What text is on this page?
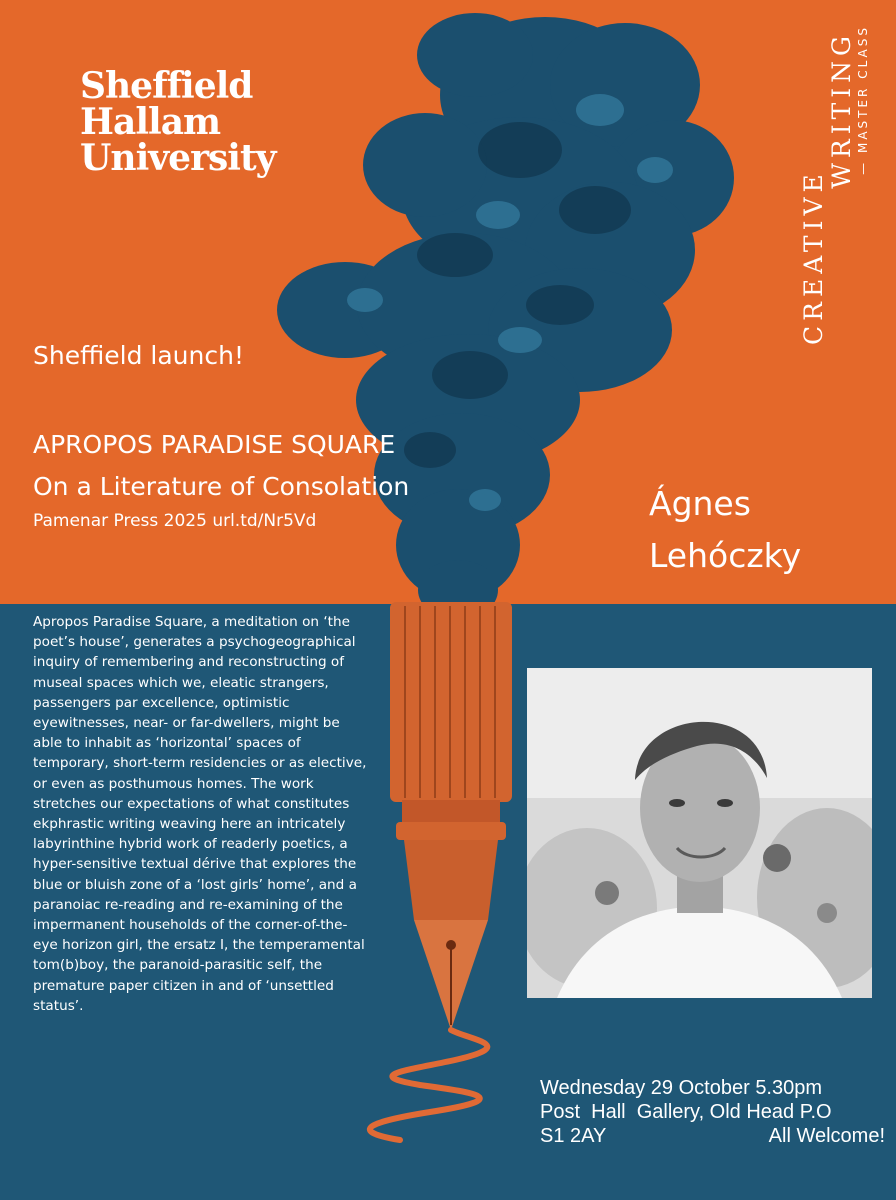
Sheffield
Hallam
University
CREATIVE
WRITING — MASTER CLASS
Sheffield launch!
APROPOS PARADISE SQUARE
On a Literature of Consolation
Pamenar Press 2025 url.td/Nr5Vd	Ágnes
Lehóczky
Apropos Paradise Square, a meditation on ‘the poet’s house’, generates a psychogeographical inquiry of remembering and reconstructing of museal spaces which we, eleatic strangers, passengers par excellence, optimistic eyewitnesses, near- or far-dwellers, might be able to inhabit as ‘horizontal’ spaces of temporary, short-term residencies or as elective, or even as posthumous homes. The work stretches our expectations of what constitutes ekphrastic writing weaving here an intricately labyrinthine hybrid work of readerly poetics, a hyper-sensitive textual dérive that explores the blue or bluish zone of a ‘lost girls’ home’, and a paranoiac re-reading and re-examining of the impermanent households of the corner-of-the-eye horizon girl, the ersatz I, the temperamental tom(b)boy, the paranoid-parasitic self, the premature paper citizen in and of ‘unsettled status’.
Wednesday 29 October 5.30pm
Post  Hall  Gallery, Old Head P.O
S1 2AY	All Welcome!
